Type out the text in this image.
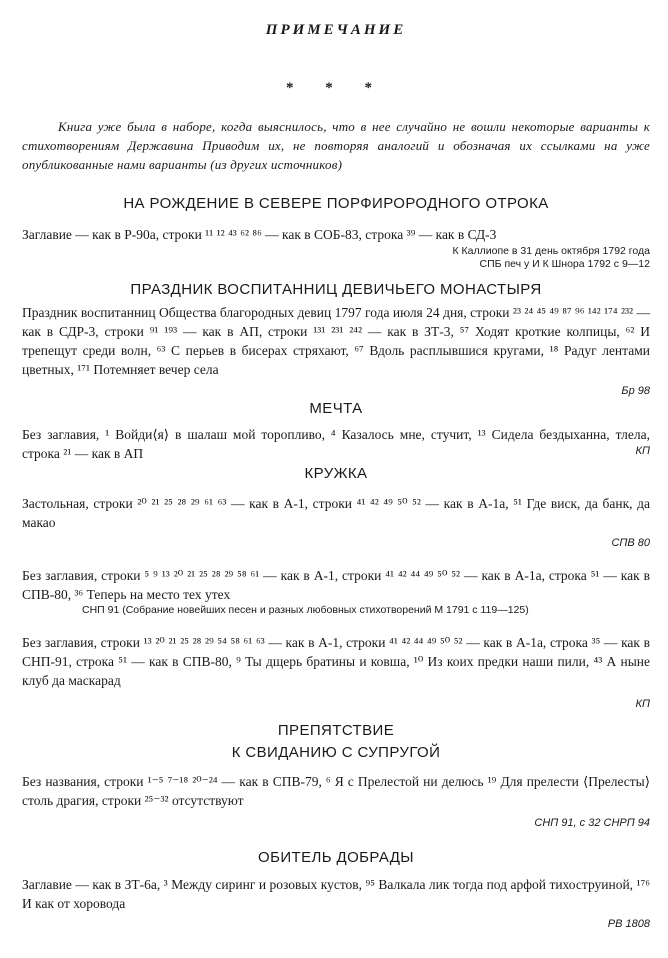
ПРИМЕЧАНИЕ
* * *
Книга уже была в наборе, когда выяснилось, что в нее случайно не вошли некоторые варианты к стихотворениям Державина Приводим их, не повторяя аналогий и обозначая их ссылками на уже опубликованные нами варианты (из других источников)
НА РОЖДЕНИЕ В СЕВЕРЕ ПОРФИРОРОДНОГО ОТРОКА
Заглавие — как в Р-90а, строки ¹¹ ¹² ⁴³ ⁶² ⁸⁶ — как в СОБ-83, строка ³⁹ — как в СД-3
К Каллиопе в 31 день октября 1792 года
СПБ печ у И К Шнора 1792 с 9—12
ПРАЗДНИК ВОСПИТАННИЦ ДЕВИЧЬЕГО МОНАСТЫРЯ
Праздник воспитанниц Общества благородных девиц 1797 года июля 24 дня, строки ²³ ²⁴ ⁴⁵ ⁴⁹ ⁸⁷ ⁹⁶ ¹⁴² ¹⁷⁴ ²³² — как в СДР-3, строки ⁹¹ ¹⁹³ — как в АП, строки ¹³¹ ²³¹ ²⁴² — как в ЗТ-3, ⁵⁷ Ходят кроткие колпицы, ⁶² И трепещут среди волн, ⁶³ С перьев в бисерах стряхают, ⁶⁷ Вдоль расплывшися кругами, ¹⁸ Радуг лентами цветных, ¹⁷¹ Потемняет вечер села
Бр 98
МЕЧТА
Без заглавия, ¹ Войди⟨я⟩ в шалаш мой торопливо, ⁴ Казалось мне, стучит, ¹³ Сидела бездыханна, тлела, строка ²¹ — как в АП	КП
КРУЖКА
Застольная, строки ²⁰ ²¹ ²⁵ ²⁸ ²⁹ ⁶¹ ⁶³ — как в А-1, строки ⁴¹ ⁴² ⁴⁹ ⁵⁰ ⁵² — как в А-1а, ⁵¹ Где виск, да банк, да макао
СПВ 80
Без заглавия, строки ⁵ ⁹ ¹³ ²⁰ ²¹ ²⁵ ²⁸ ²⁹ ⁵⁸ ⁶¹ — как в А-1, строки ⁴¹ ⁴² ⁴⁴ ⁴⁹ ⁵⁰ ⁵² — как в А-1а, строка ⁵¹ — как в СПВ-80, ³⁶ Теперь на место тех утех
СНП 91 (Собрание новейших песен и разных любовных стихотворений М 1791 с 119—125)
Без заглавия, строки ¹³ ²⁰ ²¹ ²⁵ ²⁸ ²⁹ ⁵⁴ ⁵⁸ ⁶¹ ⁶³ — как в А-1, строки ⁴¹ ⁴² ⁴⁴ ⁴⁹ ⁵⁰ ⁵² — как в А-1а, строка ³⁵ — как в СНП-91, строка ⁵¹ — как в СПВ-80, ⁹ Ты дщерь братины и ковша, ¹⁰ Из коих предки наши пили, ⁴³ А ныне клуб да маскарад
КП
ПРЕПЯТСТВИЕ
К СВИДАНИЮ С СУПРУГОЙ
Без названия, строки ¹⁻⁵ ⁷⁻¹⁸ ²⁰⁻²⁴ — как в СПВ-79, ⁶ Я с Прелестой ни делюсь ¹⁹ Для прелести ⟨Прелесты⟩ столь драгия, строки ²⁵⁻³² отсутствуют
СНП 91, с 32 СНРП 94
ОБИТЕЛЬ ДОБРАДЫ
Заглавие — как в ЗТ-6а, ³ Между сиринг и розовых кустов, ⁹⁵ Валкала лик тогда под арфой тихоструиной, ¹⁷⁶ И как от хоровода
РВ 1808
